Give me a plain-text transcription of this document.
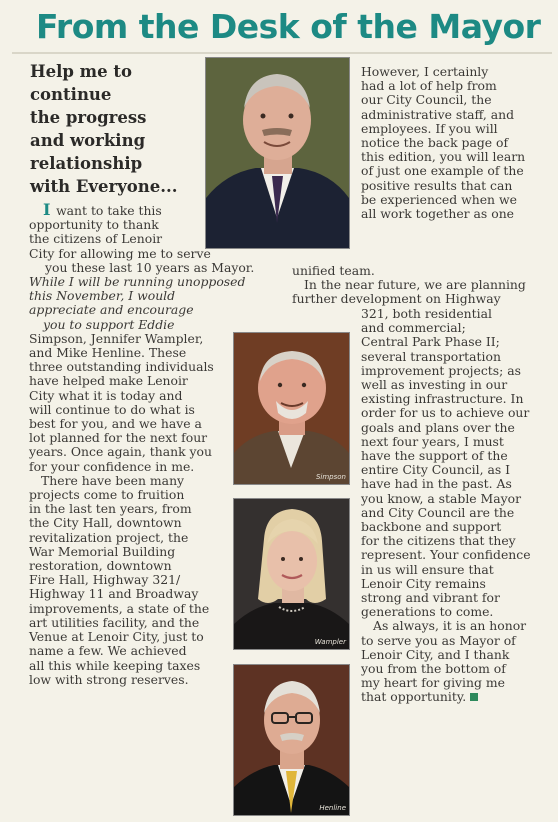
From the Desk of the Mayor
Help me to
continue
the progress
and working
relationship
with Everyone...
Simpson
Wampler
Henline
I want to take this
opportunity to thank
the citizens of Lenoir
City for allowing me to serve
you these last 10 years as Mayor.
While I will be running unopposed
this November, I would
appreciate and encourage
you to support Eddie
Simpson, Jennifer Wampler,
and Mike Henline. These
three outstanding individuals
have helped make Lenoir
City what it is today and
will continue to do what is
best for you, and we have a
lot planned for the next four
years. Once again, thank you
for your confidence in me.
There have been many
projects come to fruition
in the last ten years, from
the City Hall, downtown
revitalization project, the
War Memorial Building
restoration, downtown
Fire Hall, Highway 321/
Highway 11 and Broadway
improvements, a state of the
art utilities facility, and the
Venue at Lenoir City, just to
name a few. We achieved
all this while keeping taxes
low with strong reserves.
However, I certainly
had a lot of help from
our City Council, the
administrative staff, and
employees. If you will
notice the back page of
this edition, you will learn
of just one example of the
positive results that can
be experienced when we
all work together as one
unified team.
In the near future, we are planning
further development on Highway
321, both residential
and commercial;
Central Park Phase II;
several transportation
improvement projects; as
well as investing in our
existing infrastructure. In
order for us to achieve our
goals and plans over the
next four years, I must
have the support of the
entire City Council, as I
have had in the past. As
you know, a stable Mayor
and City Council are the
backbone and support
for the citizens that they
represent. Your confidence
in us will ensure that
Lenoir City remains
strong and vibrant for
generations to come.
As always, it is an honor
to serve you as Mayor of
Lenoir City, and I thank
you from the bottom of
my heart for giving me
that opportunity.
